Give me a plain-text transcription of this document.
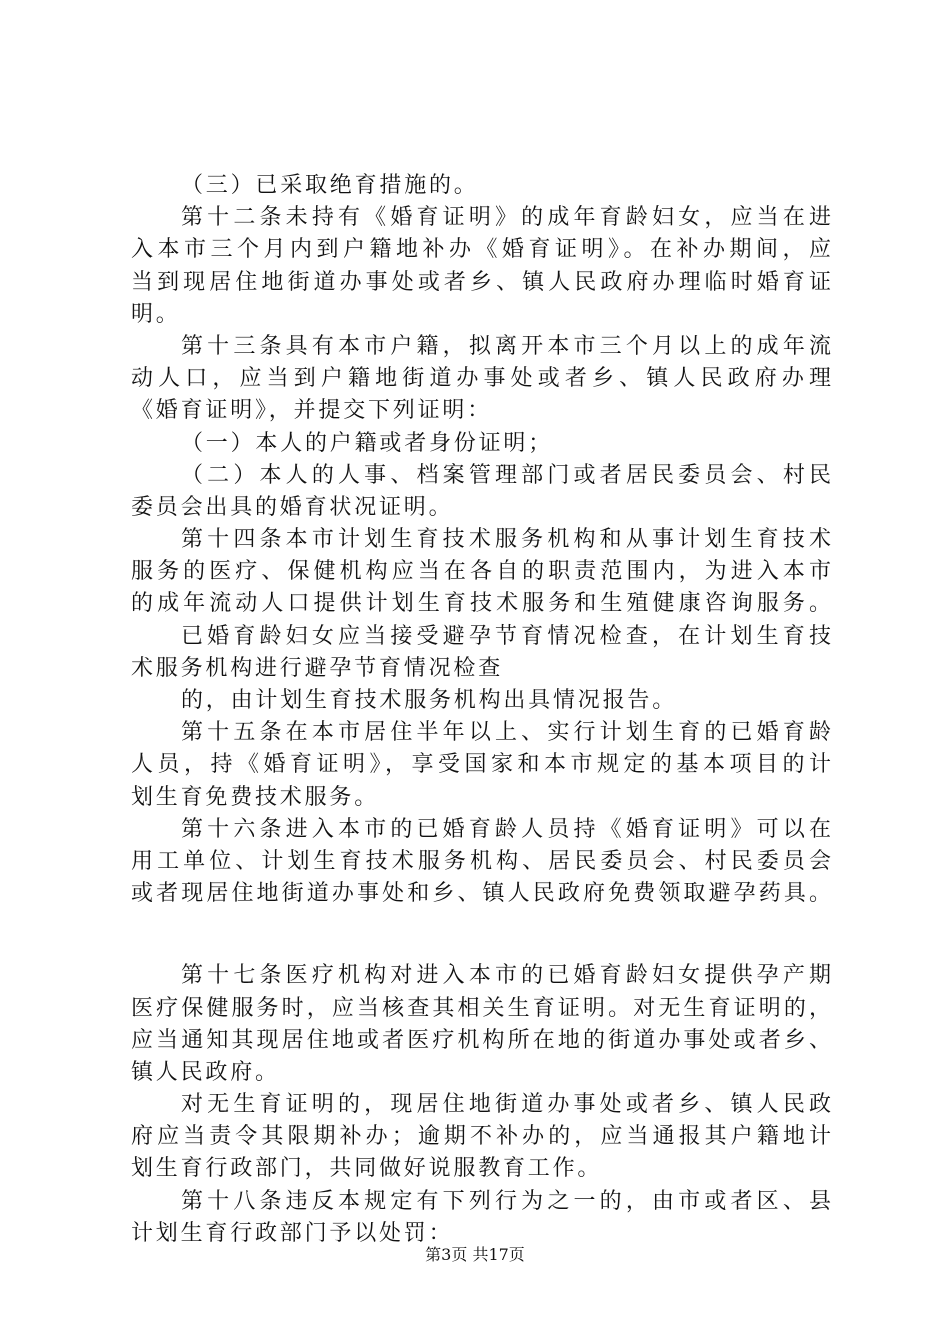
（三）已采取绝育措施的。
第十二条未持有《婚育证明》的成年育龄妇女，应当在进
入本市三个月内到户籍地补办《婚育证明》。在补办期间，应
当到现居住地街道办事处或者乡、镇人民政府办理临时婚育证
明。
第十三条具有本市户籍，拟离开本市三个月以上的成年流
动人口，应当到户籍地街道办事处或者乡、镇人民政府办理
《婚育证明》，并提交下列证明：
（一）本人的户籍或者身份证明；
（二）本人的人事、档案管理部门或者居民委员会、村民
委员会出具的婚育状况证明。
第十四条本市计划生育技术服务机构和从事计划生育技术
服务的医疗、保健机构应当在各自的职责范围内，为进入本市
的成年流动人口提供计划生育技术服务和生殖健康咨询服务。
已婚育龄妇女应当接受避孕节育情况检查，在计划生育技
术服务机构进行避孕节育情况检查
的，由计划生育技术服务机构出具情况报告。
第十五条在本市居住半年以上、实行计划生育的已婚育龄
人员，持《婚育证明》，享受国家和本市规定的基本项目的计
划生育免费技术服务。
第十六条进入本市的已婚育龄人员持《婚育证明》可以在
用工单位、计划生育技术服务机构、居民委员会、村民委员会
或者现居住地街道办事处和乡、镇人民政府免费领取避孕药具。
第十七条医疗机构对进入本市的已婚育龄妇女提供孕产期
医疗保健服务时，应当核查其相关生育证明。对无生育证明的，
应当通知其现居住地或者医疗机构所在地的街道办事处或者乡、
镇人民政府。
对无生育证明的，现居住地街道办事处或者乡、镇人民政
府应当责令其限期补办；逾期不补办的，应当通报其户籍地计
划生育行政部门，共同做好说服教育工作。
第十八条违反本规定有下列行为之一的，由市或者区、县
计划生育行政部门予以处罚：
第3页 共17页
